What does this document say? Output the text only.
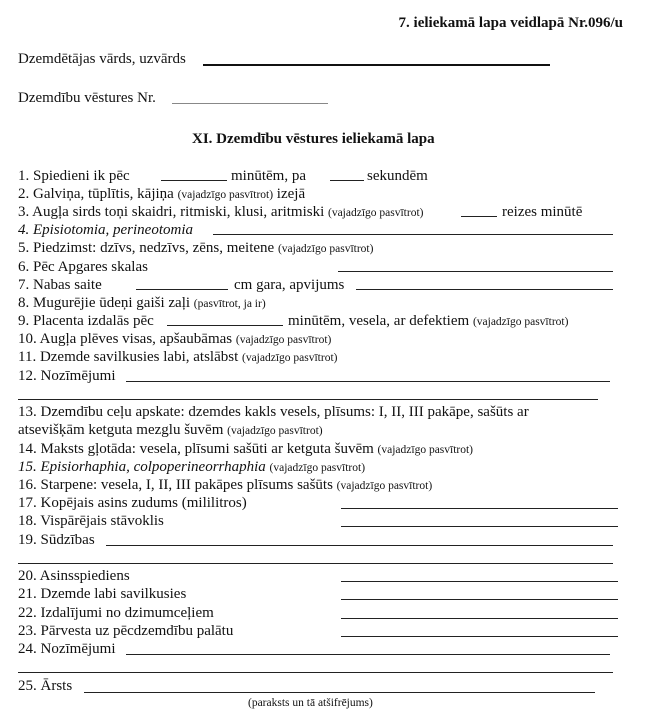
7. ieliekamā lapa veidlapā Nr.096/u
Dzemdētājas vārds, uzvārds
Dzemdību vēstures Nr.
XI. Dzemdību vēstures ieliekamā lapa
1. Spiedieni ik pēc	minūtēm, pa	sekundēm
2. Galviņa, tūplītis, kājiņa (vajadzīgo pasvītrot) izejā
3. Augļa sirds toņi skaidri, ritmiski, klusi, aritmiski (vajadzīgo pasvītrot)	reizes minūtē
4. Episiotomia, perineotomia
5. Piedzimst: dzīvs, nedzīvs, zēns, meitene (vajadzīgo pasvītrot)
6. Pēc Apgares skalas
7. Nabas saite	cm gara, apvijums
8. Mugurējie ūdeņi gaiši zaļi (pasvītrot, ja ir)
9. Placenta izdalās pēc	minūtēm, vesela, ar defektiem (vajadzīgo pasvītrot)
10. Augļa plēves visas, apšaubāmas (vajadzīgo pasvītrot)
11. Dzemde savilkusies labi, atslābst (vajadzīgo pasvītrot)
12. Nozīmējumi
13. Dzemdību ceļu apskate: dzemdes kakls vesels, plīsums: I, II, III pakāpe, sašūts ar
atsevišķām ketguta mezglu šuvēm (vajadzīgo pasvītrot)
14. Maksts gļotāda: vesela, plīsumi sašūti ar ketguta šuvēm (vajadzīgo pasvītrot)
15. Episiorhaphia, colpoperineorrhaphia (vajadzīgo pasvītrot)
16. Starpene: vesela, I, II, III pakāpes plīsums sašūts (vajadzīgo pasvītrot)
17. Kopējais asins zudums (mililitros)
18. Vispārējais stāvoklis
19. Sūdzības
20. Asinsspiediens
21. Dzemde labi savilkusies
22. Izdalījumi no dzimumceļiem
23. Pārvesta uz pēcdzemdību palātu
24. Nozīmējumi
25. Ārsts
(paraksts un tā atšifrējums)
